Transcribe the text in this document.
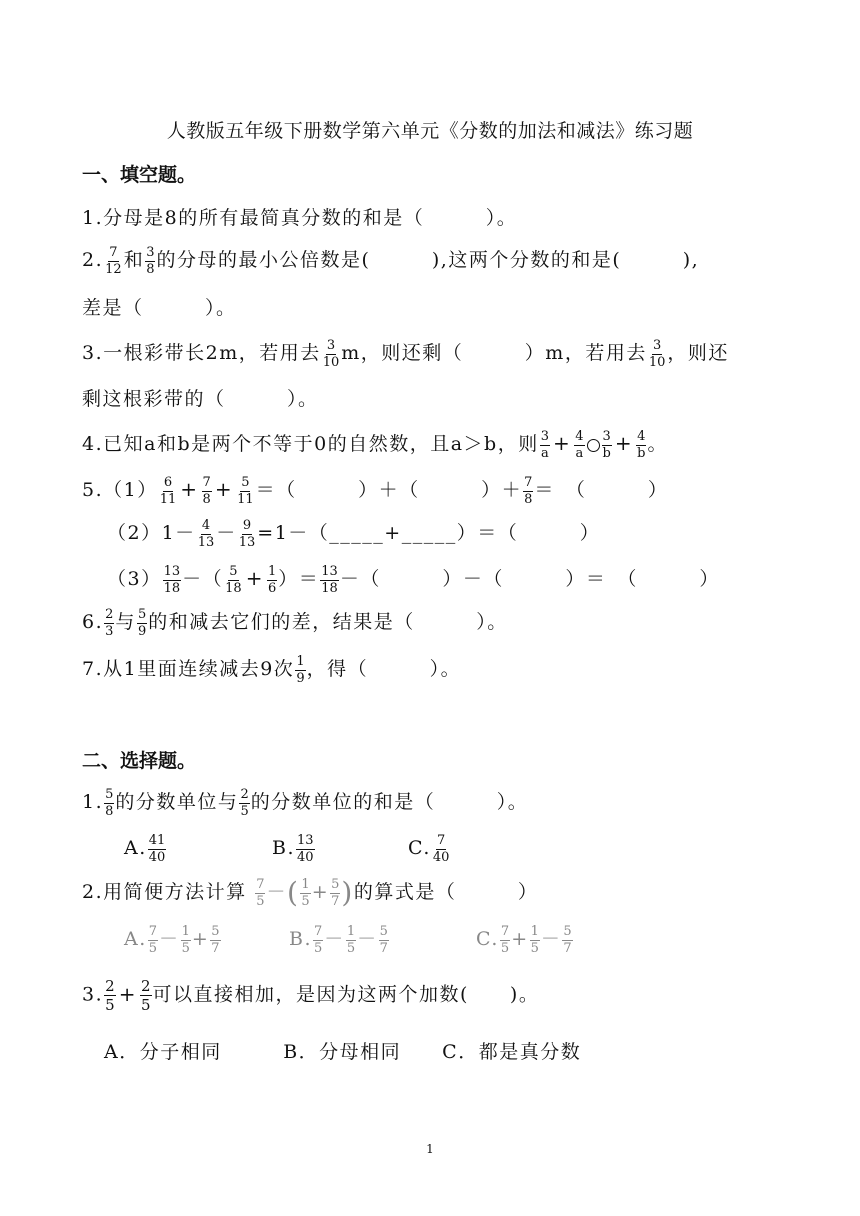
人教版五年级下册数学第六单元《分数的加法和减法》练习题
一、填空题。
1.分母是8的所有最简真分数的和是（　　　）。
2. $\frac{7}{12}$ 和 $\frac{3}{8}$ 的分母的最小公倍数是(　　　),这两个分数的和是(　　　),
差是（　　　）。
3.一根彩带长2m，若用去 $\frac{3}{10}$ m，则还剩（　　　）m，若用去 $\frac{3}{10}$ ，则还
剩这根彩带的（　　　）。
4.已知a和b是两个不等于0的自然数，且a＞b，则 $\frac{3}{a} + \frac{4}{a} \frac{3}{b} + \frac{4}{b}$ 。
$5.(1) \frac{6}{11} + \frac{7}{8} + \frac{5}{11}$ ＝（　　　）＋（　　　）＋ $\frac{7}{8}$ ＝　（　　　）
$(2)1- \frac{4}{13} - \frac{9}{13}$ =1－（_____+_____）＝（　　　）
$(3) \frac{13}{18}$ －（ $\frac{5}{18} + \frac{1}{6}$ ）＝ $\frac{13}{18}$ －（　　　）－（　　　）＝　（　　　）
6. $\frac{2}{3}$ 与 $\frac{5}{9}$ 的和减去它们的差，结果是（　　　）。
7.从1里面连续减去9次 $\frac{1}{9}$ ，得（　　　）。
二、选择题。
1. $\frac{5}{8}$ 的分数单位与 $\frac{2}{5}$ 的分数单位的和是（　　　）。
A. $\frac{41}{40}$	B. $\frac{13}{40}$	C. $\frac{7}{40}$
2.用简便方法计算 $\frac{7}{5}$ －( $\frac{1}{5} + \frac{5}{7}$ )的算式是（　　　）
A. $\frac{7}{5} - \frac{1}{5} + \frac{5}{7}$	B. $\frac{7}{5} - \frac{1}{5} - \frac{5}{7}$	C. $\frac{7}{5} + \frac{1}{5} - \frac{5}{7}$
3. $\frac{2}{5} + \frac{2}{5}$ 可以直接相加，是因为这两个加数(　　)。
A．分子相同　　　B．分母相同　　C．都是真分数
1
